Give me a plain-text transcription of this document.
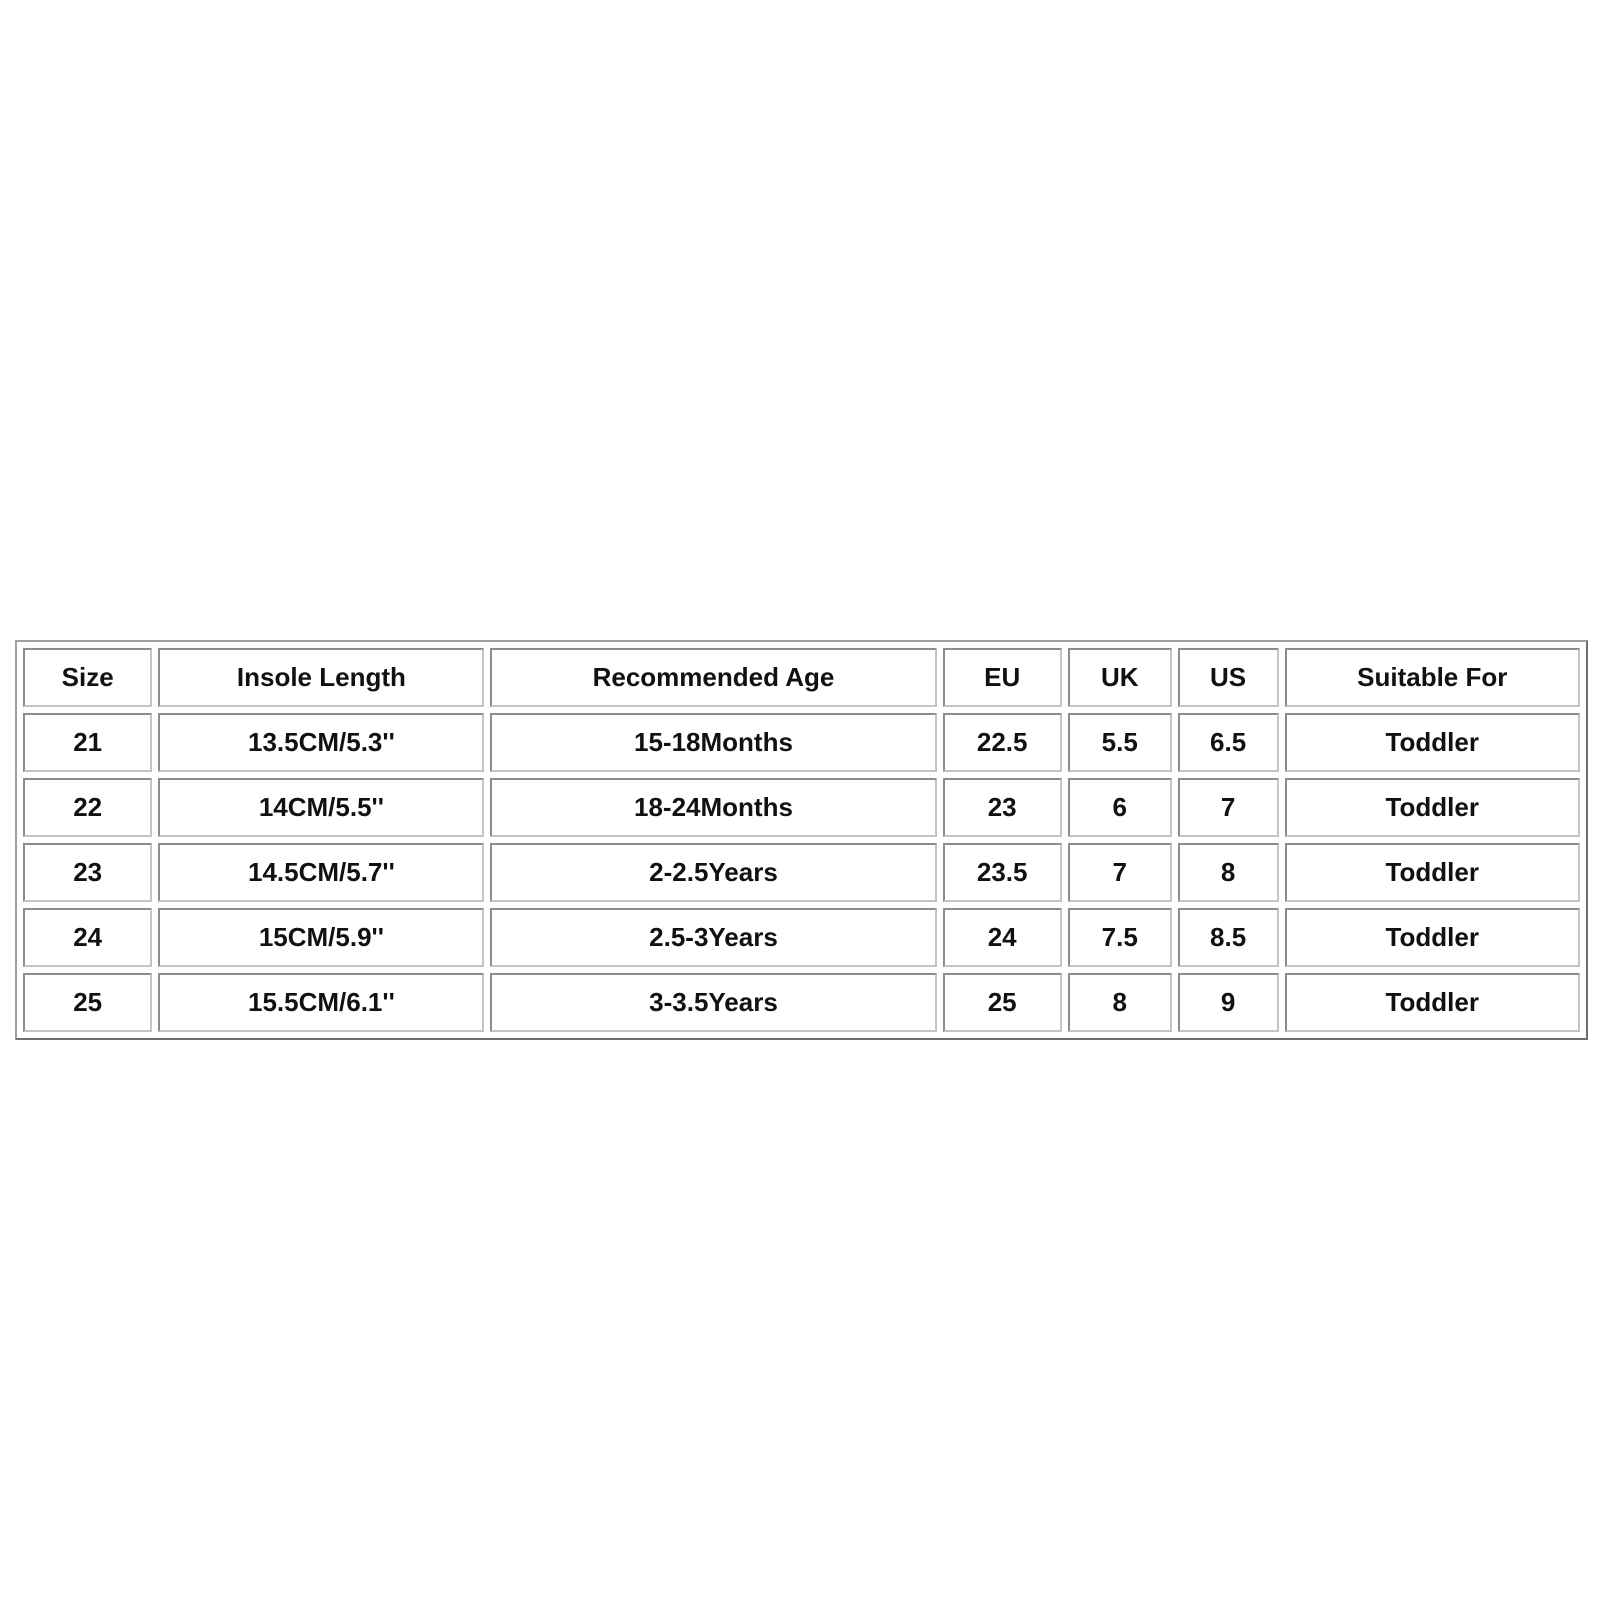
Size	Insole Length	Recommended Age	EU	UK	US	Suitable For
21	13.5CM/5.3''	15-18Months	22.5	5.5	6.5	Toddler
22	14CM/5.5''	18-24Months	23	6	7	Toddler
23	14.5CM/5.7''	2-2.5Years	23.5	7	8	Toddler
24	15CM/5.9''	2.5-3Years	24	7.5	8.5	Toddler
25	15.5CM/6.1''	3-3.5Years	25	8	9	Toddler
